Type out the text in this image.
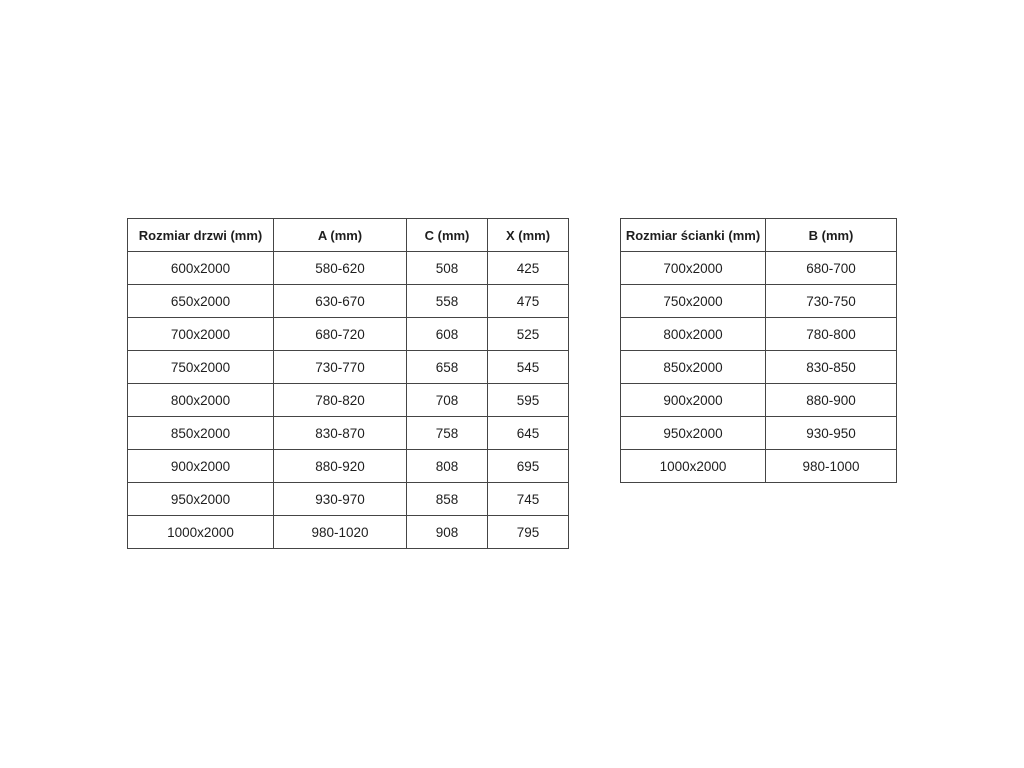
Rozmiar drzwi (mm)	A (mm)	C (mm)	X (mm)
600x2000	580-620	508	425
650x2000	630-670	558	475
700x2000	680-720	608	525
750x2000	730-770	658	545
800x2000	780-820	708	595
850x2000	830-870	758	645
900x2000	880-920	808	695
950x2000	930-970	858	745
1000x2000	980-1020	908	795
Rozmiar ścianki (mm)	B (mm)
700x2000	680-700
750x2000	730-750
800x2000	780-800
850x2000	830-850
900x2000	880-900
950x2000	930-950
1000x2000	980-1000
